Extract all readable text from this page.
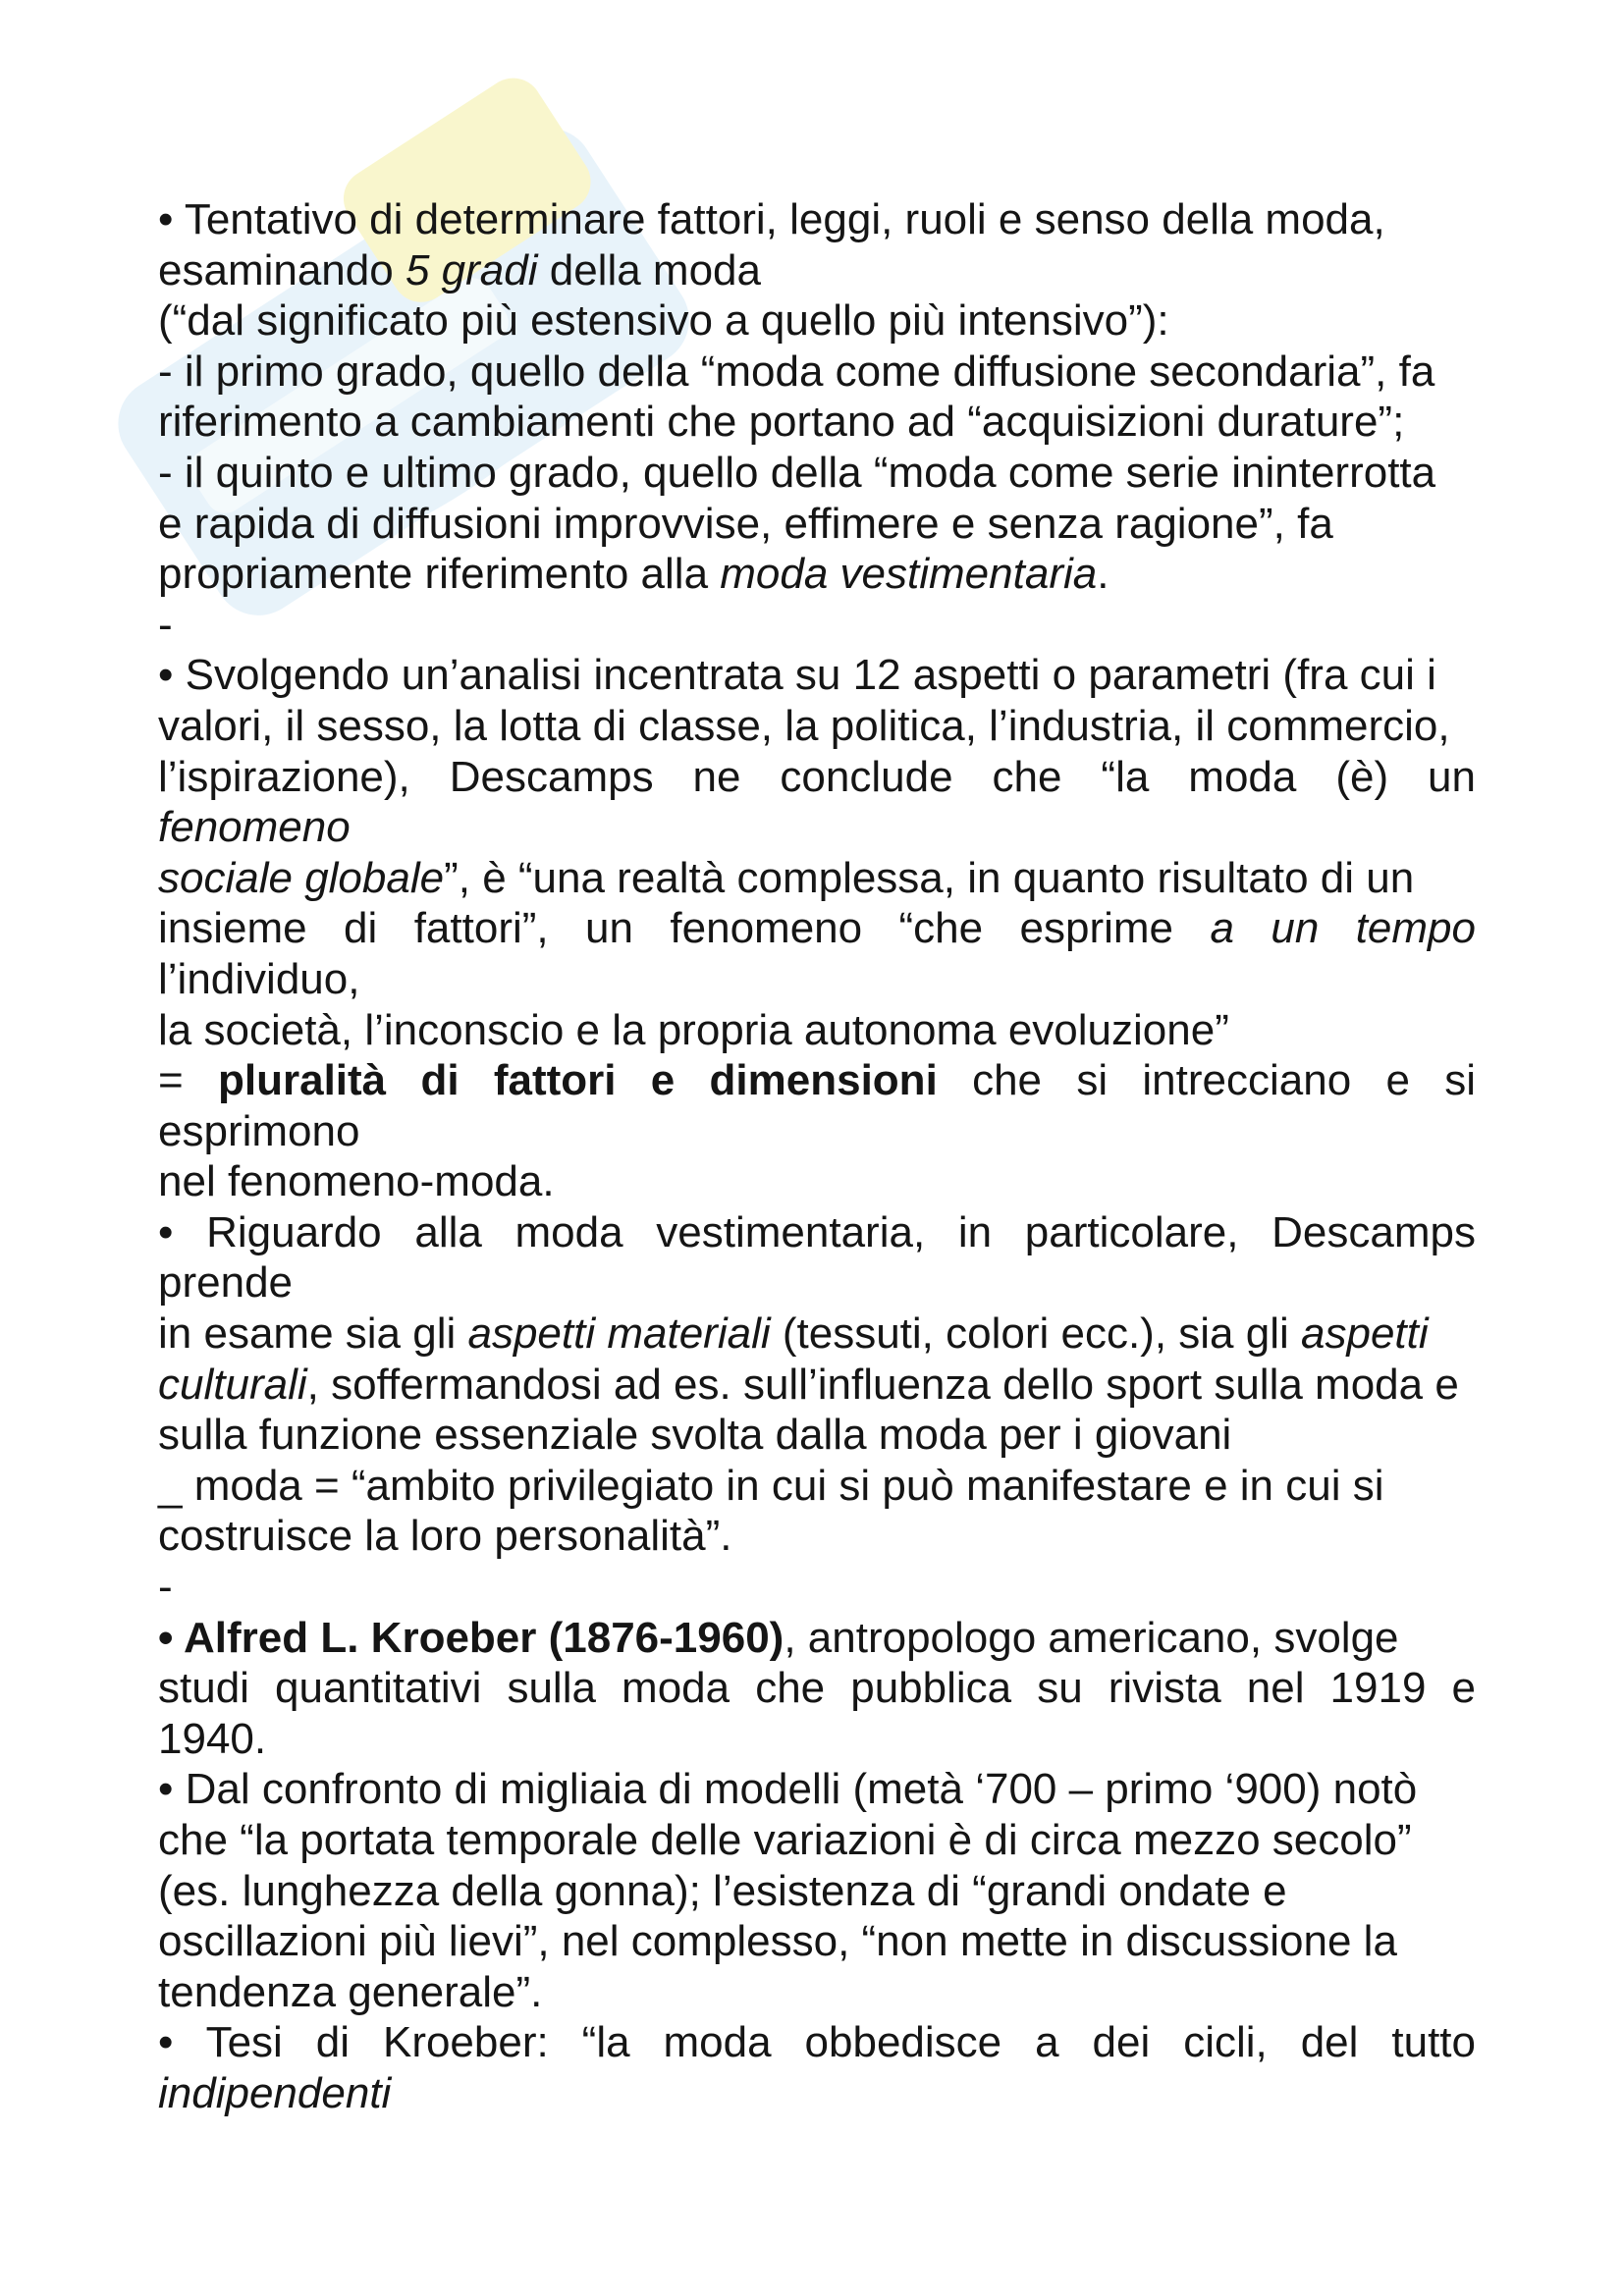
• Tentativo di determinare fattori, leggi, ruoli e senso della moda,
esaminando 5 gradi della moda
(“dal significato più estensivo a quello più intensivo”):
- il primo grado, quello della “moda come diffusione secondaria”, fa
riferimento a cambiamenti che portano ad “acquisizioni durature”;
- il quinto e ultimo grado, quello della “moda come serie ininterrotta
e rapida di diffusioni improvvise, effimere e senza ragione”, fa
propriamente riferimento alla moda vestimentaria.
-
• Svolgendo un’analisi incentrata su 12 aspetti o parametri (fra cui i
valori, il sesso, la lotta di classe, la politica, l’industria, il commercio,
l’ispirazione), Descamps ne conclude che “la moda (è) un
fenomeno
sociale globale”, è “una realtà complessa, in quanto risultato di un
insieme di fattori”, un fenomeno “che esprime a un tempo
l’individuo,
la società, l’inconscio e la propria autonoma evoluzione”
= pluralità di fattori e dimensioni che si intrecciano e si
esprimono
nel fenomeno-moda.
• Riguardo alla moda vestimentaria, in particolare, Descamps
prende
in esame sia gli aspetti materiali (tessuti, colori ecc.), sia gli aspetti
culturali, soffermandosi ad es. sull’influenza dello sport sulla moda e
sulla funzione essenziale svolta dalla moda per i giovani
_ moda = “ambito privilegiato in cui si può manifestare e in cui si
costruisce la loro personalità”.
-
• Alfred L. Kroeber (1876-1960), antropologo americano, svolge
studi quantitativi sulla moda che pubblica su rivista nel 1919 e
1940.
• Dal confronto di migliaia di modelli (metà ‘700 – primo ‘900) notò
che “la portata temporale delle variazioni è di circa mezzo secolo”
(es. lunghezza della gonna); l’esistenza di “grandi ondate e
oscillazioni più lievi”, nel complesso, “non mette in discussione la
tendenza generale”.
• Tesi di Kroeber: “la moda obbedisce a dei cicli, del tutto
indipendenti
